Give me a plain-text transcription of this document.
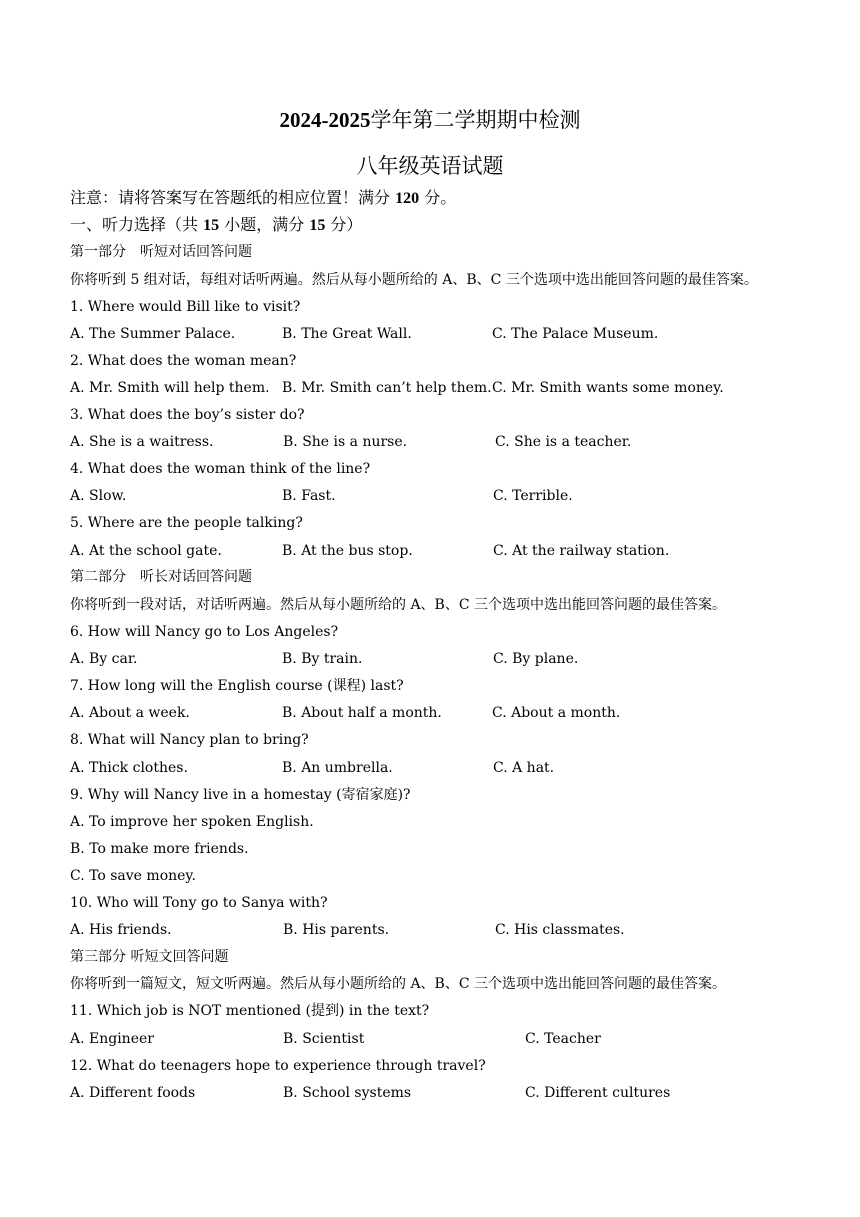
2024-2025学年第二学期期中检测
八年级英语试题
注意：请将答案写在答题纸的相应位置！满分 120 分。
一、听力选择（共 15 小题，满分 15 分）
第一部分　听短对话回答问题
你将听到 5 组对话，每组对话听两遍。然后从每小题所给的 A、B、C 三个选项中选出能回答问题的最佳答案。
1. Where would Bill like to visit?
A. The Summer Palace.	B. The Great Wall.	C. The Palace Museum.
2. What does the woman mean?
A. Mr. Smith will help them. B. Mr. Smith can’t help them. C. Mr. Smith wants some money.
3. What does the boy’s sister do?
A. She is a waitress.	B. She is a nurse.	C. She is a teacher.
4. What does the woman think of the line?
A. Slow.	B. Fast.	C. Terrible.
5. Where are the people talking?
A. At the school gate.	B. At the bus stop.	C. At the railway station.
第二部分　听长对话回答问题
你将听到一段对话，对话听两遍。然后从每小题所给的 A、B、C 三个选项中选出能回答问题的最佳答案。
6. How will Nancy go to Los Angeles?
A. By car.	B. By train.	C. By plane.
7. How long will the English course (课程) last?
A. About a week.	B. About half a month.	C. About a month.
8. What will Nancy plan to bring?
A. Thick clothes.	B. An umbrella.	C. A hat.
9. Why will Nancy live in a homestay (寄宿家庭)?
A. To improve her spoken English.
B. To make more friends.
C. To save money.
10. Who will Tony go to Sanya with?
A. His friends.	B. His parents.	C. His classmates.
第三部分 听短文回答问题
你将听到一篇短文，短文听两遍。然后从每小题所给的 A、B、C 三个选项中选出能回答问题的最佳答案。
11. Which job is NOT mentioned (提到) in the text?
A. Engineer	B. Scientist	C. Teacher
12. What do teenagers hope to experience through travel?
A. Different foods	B. School systems	C. Different cultures
